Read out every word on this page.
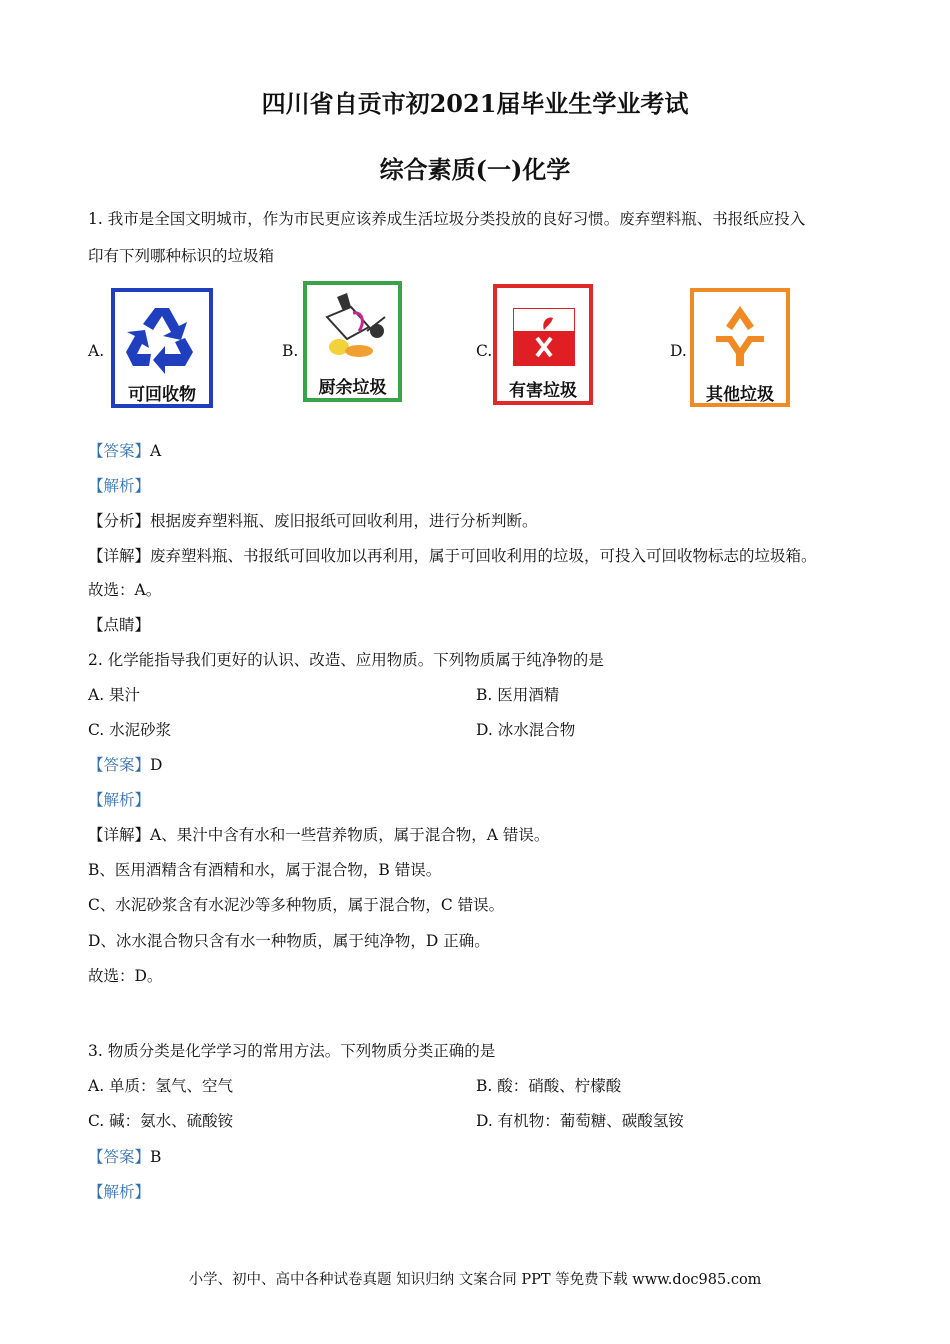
四川省自贡市初2021届毕业生学业考试
综合素质(一)化学
1. 我市是全国文明城市，作为市民更应该养成生活垃圾分类投放的良好习惯。废弃塑料瓶、书报纸应投入
印有下列哪种标识的垃圾箱
A.
可回收物
B.
厨余垃圾
C.
有害垃圾
D.
其他垃圾
【答案】A
【解析】
【分析】根据废弃塑料瓶、废旧报纸可回收利用，进行分析判断。
【详解】废弃塑料瓶、书报纸可回收加以再利用，属于可回收利用的垃圾，可投入可回收物标志的垃圾箱。
故选：A。
【点睛】
2. 化学能指导我们更好的认识、改造、应用物质。下列物质属于纯净物的是
A. 果汁	B. 医用酒精
C. 水泥砂浆	D. 冰水混合物
【答案】D
【解析】
【详解】A、果汁中含有水和一些营养物质，属于混合物，A 错误。
B、医用酒精含有酒精和水，属于混合物，B 错误。
C、水泥砂浆含有水泥沙等多种物质，属于混合物，C 错误。
D、冰水混合物只含有水一种物质，属于纯净物，D 正确。
故选：D。
3. 物质分类是化学学习的常用方法。下列物质分类正确的是
A. 单质：氢气、空气	B. 酸：硝酸、柠檬酸
C. 碱：氨水、硫酸铵	D. 有机物：葡萄糖、碳酸氢铵
【答案】B
【解析】
小学、初中、高中各种试卷真题 知识归纳 文案合同 PPT 等免费下载 www.doc985.com
